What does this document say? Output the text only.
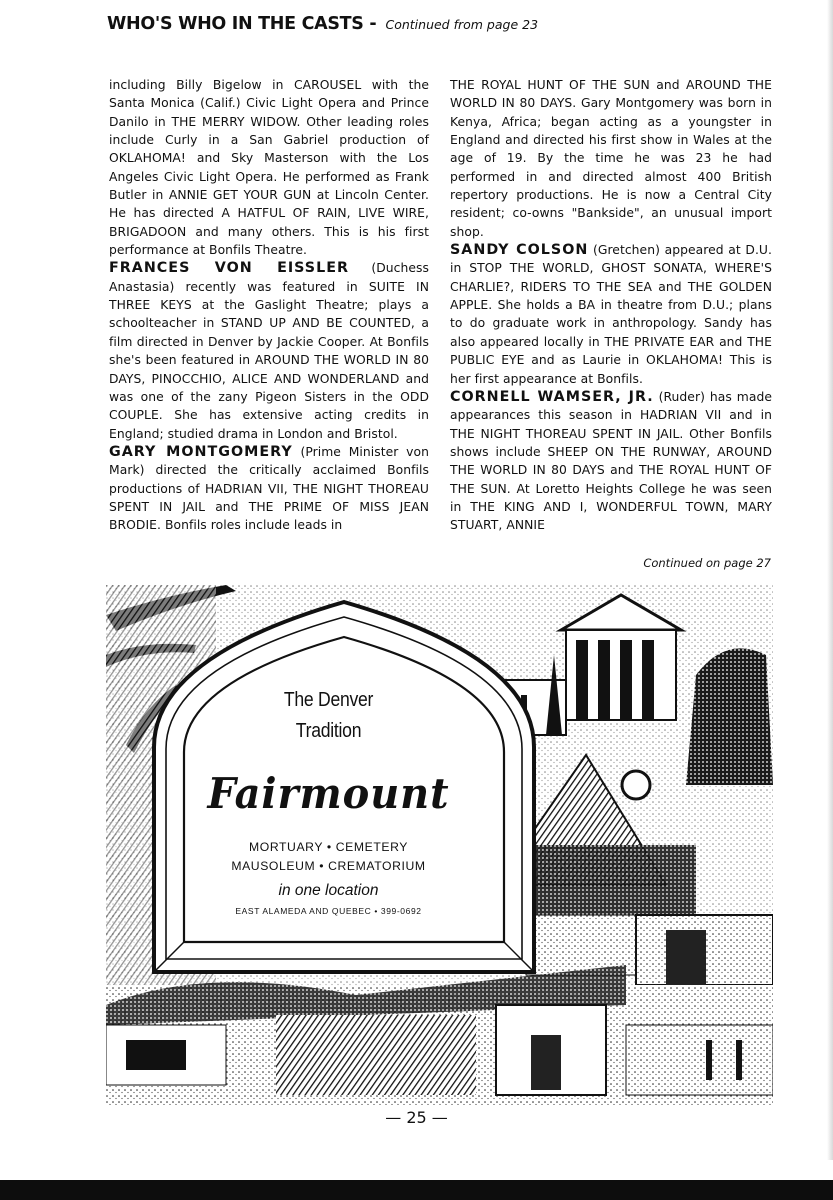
WHO'S WHO IN THE CASTS - Continued from page 23

including Billy Bigelow in CAROUSEL with the Santa Monica (Calif.) Civic Light Opera and Prince Danilo in THE MERRY WIDOW. Other leading roles include Curly in a San Gabriel production of OKLAHOMA! and Sky Masterson with the Los Angeles Civic Light Opera. He performed as Frank Butler in ANNIE GET YOUR GUN at Lincoln Center. He has directed A HATFUL OF RAIN, LIVE WIRE, BRIGADOON and many others. This is his first performance at Bonfils Theatre.

FRANCES VON EISSLER (Duchess Anastasia) recently was featured in SUITE IN THREE KEYS at the Gaslight Theatre; plays a schoolteacher in STAND UP AND BE COUNTED, a film directed in Denver by Jackie Cooper. At Bonfils she's been featured in AROUND THE WORLD IN 80 DAYS, PINOCCHIO, ALICE AND WONDERLAND and was one of the zany Pigeon Sisters in the ODD COUPLE. She has extensive acting credits in England; studied drama in London and Bristol.

GARY MONTGOMERY (Prime Minister von Mark) directed the critically acclaimed Bonfils productions of HADRIAN VII, THE NIGHT THOREAU SPENT IN JAIL and THE PRIME OF MISS JEAN BRODIE. Bonfils roles include leads in

THE ROYAL HUNT OF THE SUN and AROUND THE WORLD IN 80 DAYS. Gary Montgomery was born in Kenya, Africa; began acting as a youngster in England and directed his first show in Wales at the age of 19. By the time he was 23 he had performed in and directed almost 400 British repertory productions. He is now a Central City resident; co-owns "Bankside", an unusual import shop.

SANDY COLSON (Gretchen) appeared at D.U. in STOP THE WORLD, GHOST SONATA, WHERE'S CHARLIE?, RIDERS TO THE SEA and THE GOLDEN APPLE. She holds a BA in theatre from D.U.; plans to do graduate work in anthropology. Sandy has also appeared locally in THE PRIVATE EAR and THE PUBLIC EYE and as Laurie in OKLAHOMA! This is her first appearance at Bonfils.

CORNELL WAMSER, JR. (Ruder) has made appearances this season in HADRIAN VII and in THE NIGHT THOREAU SPENT IN JAIL. Other Bonfils shows include SHEEP ON THE RUNWAY, AROUND THE WORLD IN 80 DAYS and THE ROYAL HUNT OF THE SUN. At Loretto Heights College he was seen in THE KING AND I, WONDERFUL TOWN, MARY STUART, ANNIE

Continued on page 27
The Denver
Tradition
Fairmount
MORTUARY • CEMETERY
MAUSOLEUM • CREMATORIUM
in one location
EAST ALAMEDA AND QUEBEC • 399-0692
— 25 —
